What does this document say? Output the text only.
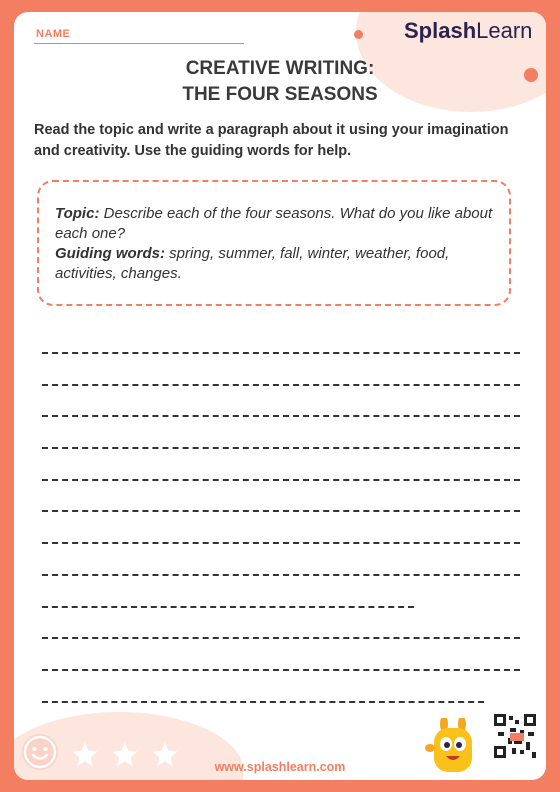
NAME	SplashLearn
CREATIVE WRITING:
THE FOUR SEASONS
Read the topic and write a paragraph about it using your imagination and creativity. Use the guiding words for help.
Topic: Describe each of the four seasons. What do you like about each one?
Guiding words: spring, summer, fall, winter, weather, food, activities, changes.
www.splashlearn.com
